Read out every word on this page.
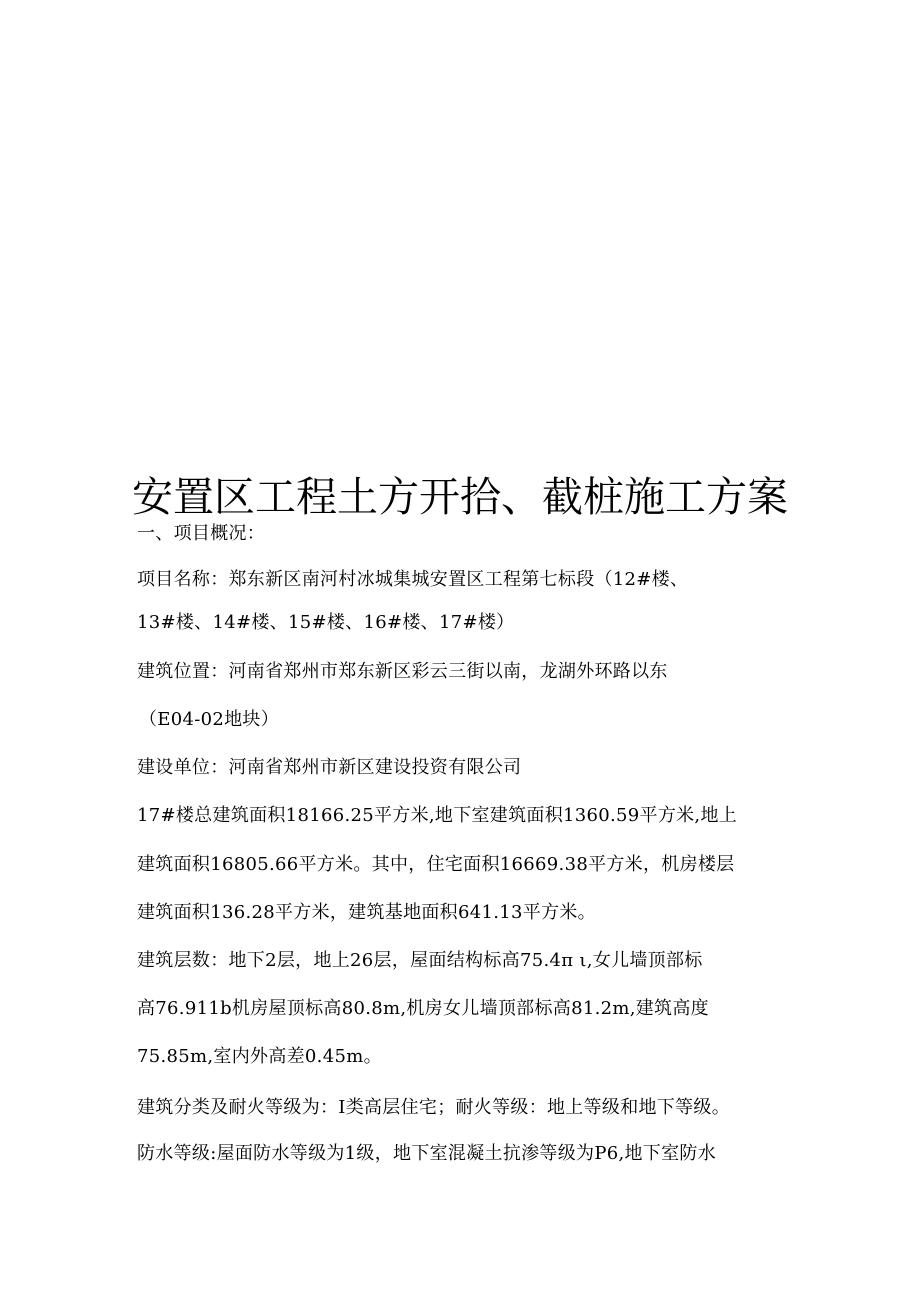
安置区工程土方开拾、截桩施工方案
一、项目概况：
项目名称：郑东新区南河村冰城集城安置区工程第七标段（12#楼、
13#楼、14#楼、15#楼、16#楼、17#楼）
建筑位置：河南省郑州市郑东新区彩云三街以南，龙湖外环路以东
（E04-02地块）
建设单位：河南省郑州市新区建设投资有限公司
17#楼总建筑面积18166.25平方米,地下室建筑面积1360.59平方米,地上
建筑面积16805.66平方米。其中，住宅面积16669.38平方米，机房楼层
建筑面积136.28平方米，建筑基地面积641.13平方米。
建筑层数：地下2层，地上26层，屋面结构标高75.4π ι,女儿墙顶部标
高76.911b机房屋顶标高80.8m,机房女儿墙顶部标高81.2m,建筑高度
75.85m,室内外高差0.45m。
建筑分类及耐火等级为：I类高层住宅；耐火等级：地上等级和地下等级。
防水等级:屋面防水等级为1级，地下室混凝土抗渗等级为P6,地下室防水
